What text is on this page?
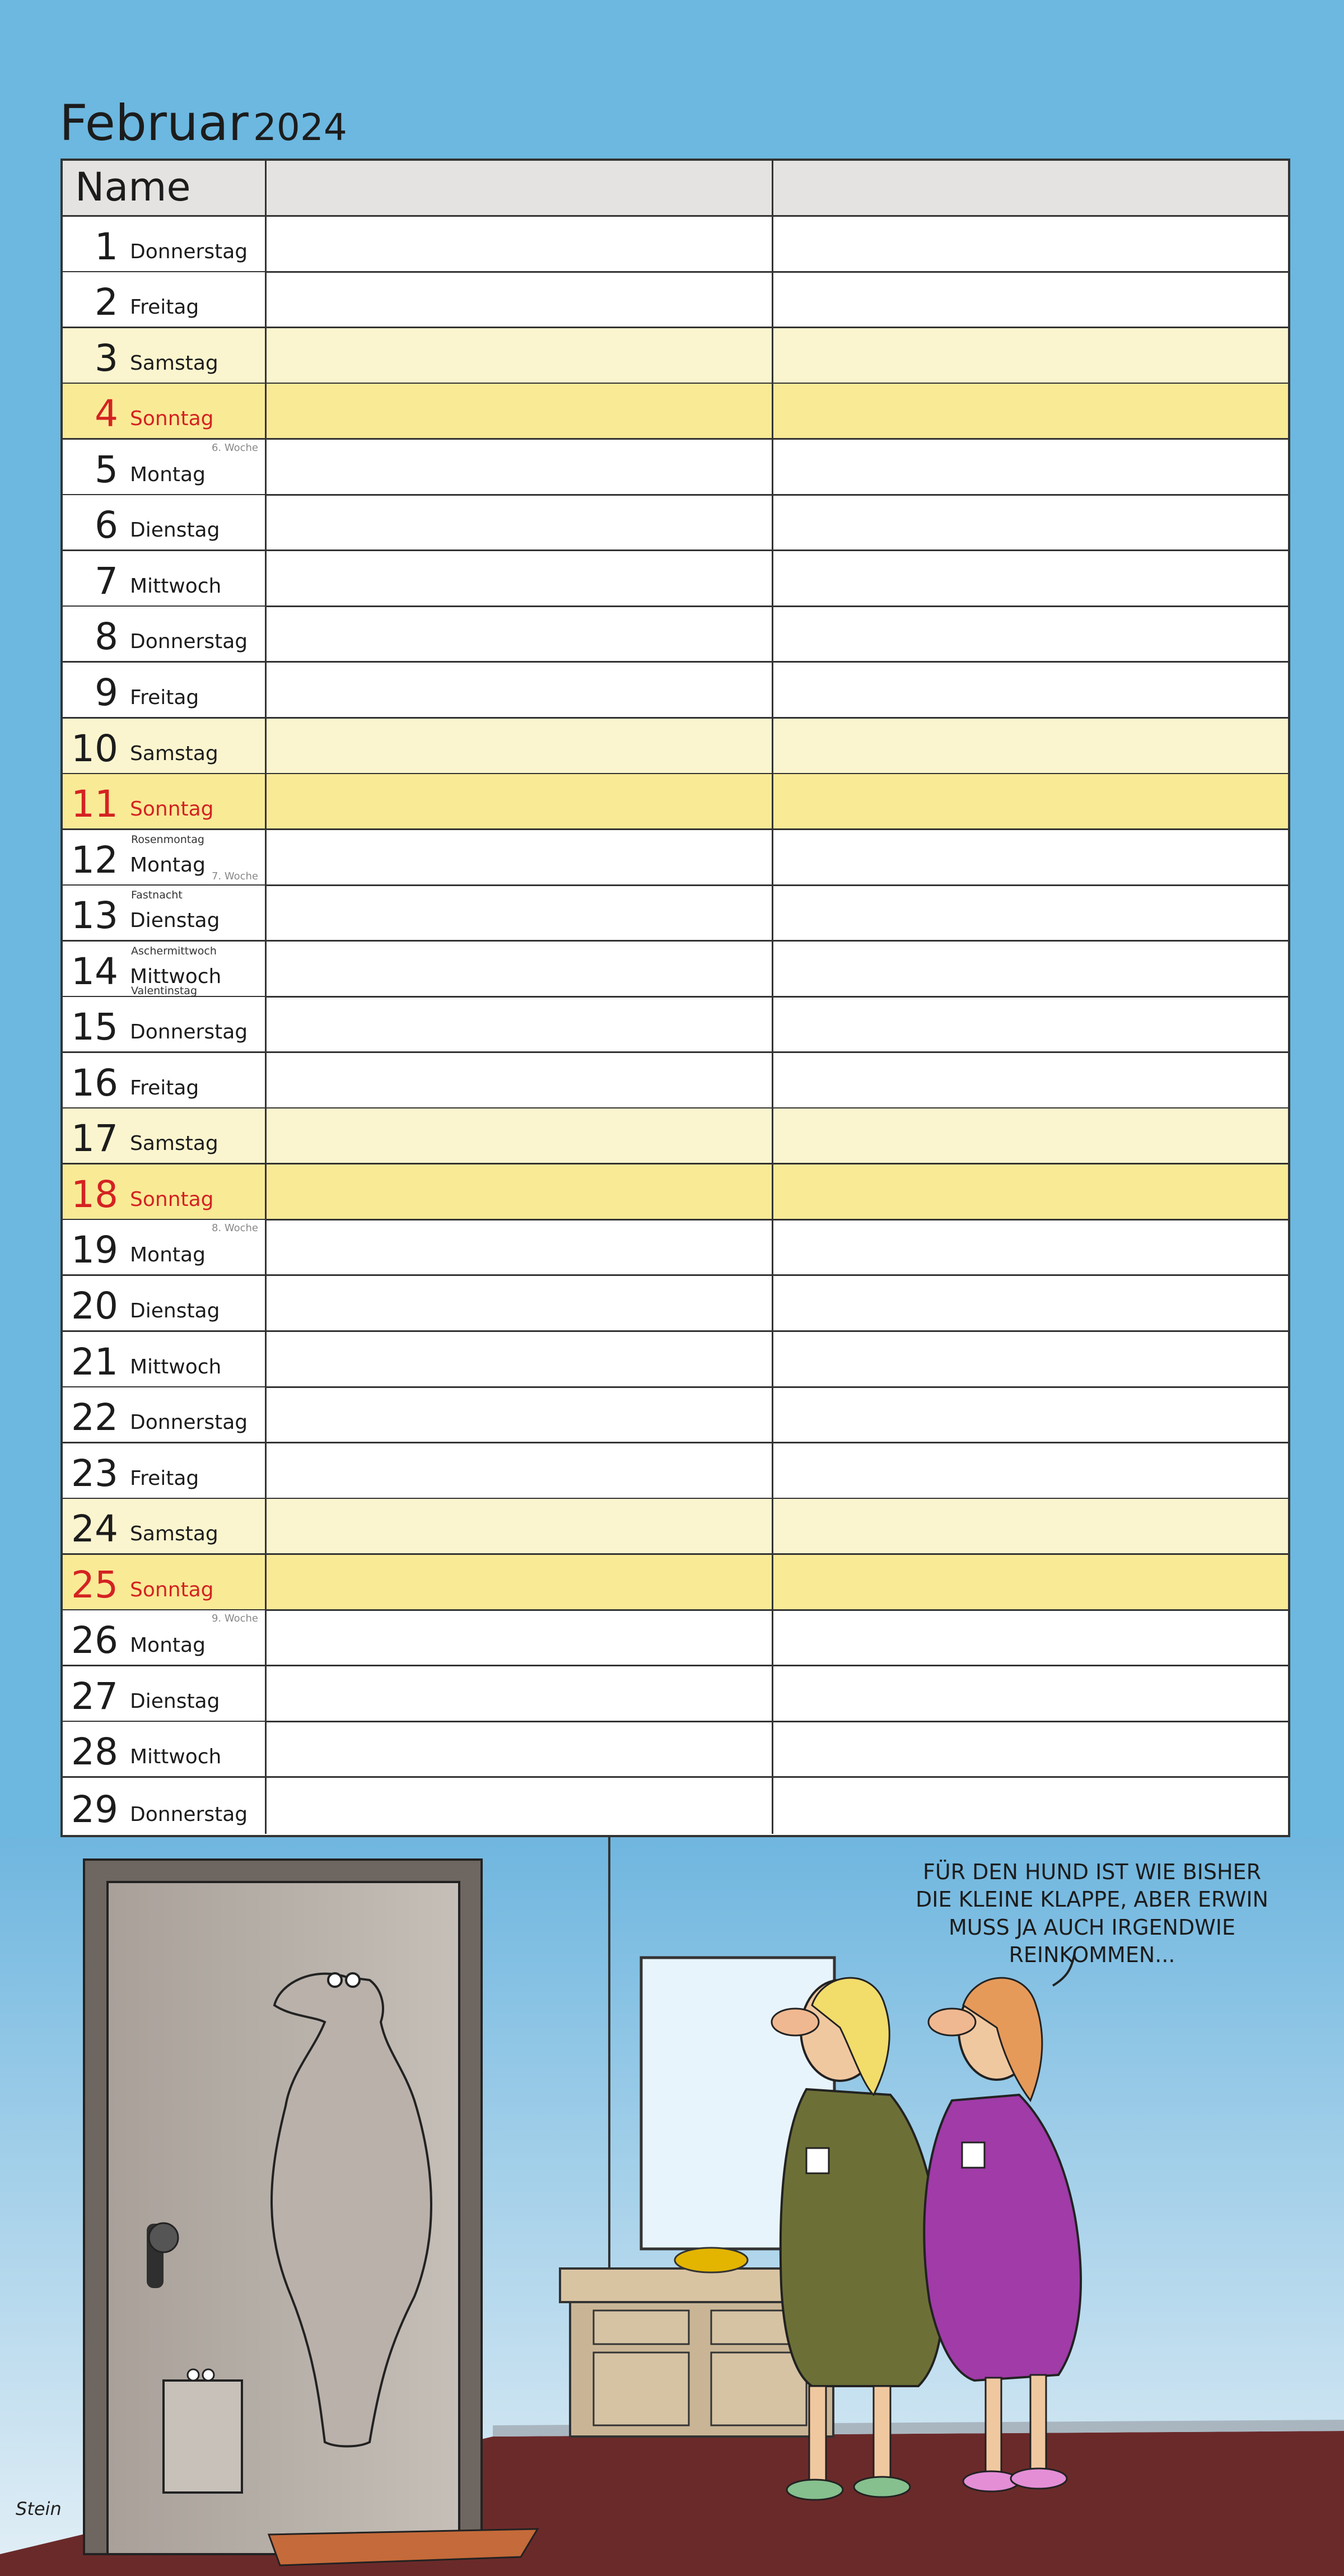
Februar 2024
Name
1 Donnerstag
2 Freitag
3 Samstag
4 Sonntag
5 Montag
6. Woche
6 Dienstag
7 Mittwoch
8 Donnerstag
9 Freitag
10 Samstag
11 Sonntag
12 Montag
Rosenmontag
7. Woche
13 Dienstag
Fastnacht
14 Mittwoch
Aschermittwoch
Valentinstag
15 Donnerstag
16 Freitag
17 Samstag
18 Sonntag
19 Montag
8. Woche
20 Dienstag
21 Mittwoch
22 Donnerstag
23 Freitag
24 Samstag
25 Sonntag
26 Montag
9. Woche
27 Dienstag
28 Mittwoch
29 Donnerstag
FÜR DEN HUND IST WIE BISHER
DIE KLEINE KLAPPE, ABER ERWIN
MUSS JA AUCH IRGENDWIE
REINKOMMEN...
Stein
